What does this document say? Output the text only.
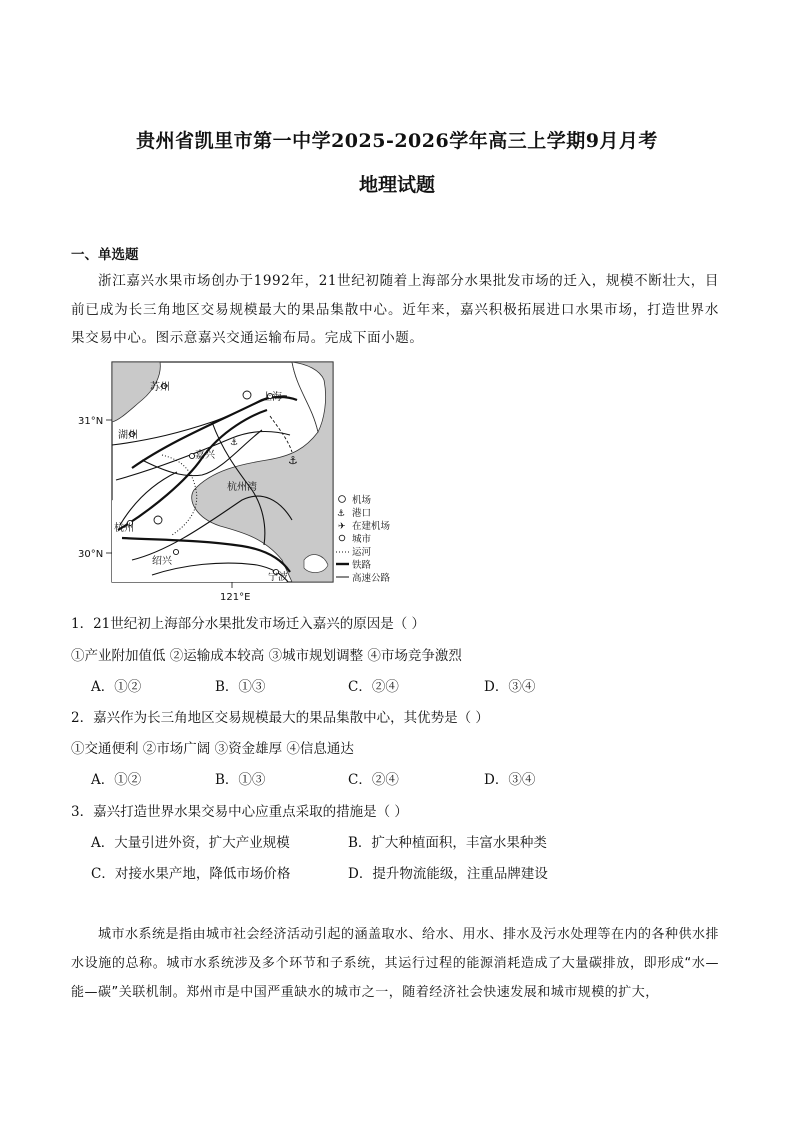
贵州省凯里市第一中学2025-2026学年高三上学期9月月考
地理试题
一、单选题
浙江嘉兴水果市场创办于1992年，21世纪初随着上海部分水果批发市场的迁入，规模不断壮大，目前已成为长三角地区交易规模最大的果品集散中心。近年来，嘉兴积极拓展进口水果市场，打造世界水果交易中心。图示意嘉兴交通运输布局。完成下面小题。
⚓
⚓
苏州
上海
湖州
嘉兴
杭州湾
杭州
绍兴
宁波
31°N
30°N
121°E
机场
⚓ 港口
✈ 在建机场
城市
运河
铁路
高速公路
1．21世纪初上海部分水果批发市场迁入嘉兴的原因是（ ）
①产业附加值低 ②运输成本较高 ③城市规划调整 ④市场竞争激烈
A．①②	B．①③	C．②④	D．③④
2．嘉兴作为长三角地区交易规模最大的果品集散中心，其优势是（ ）
①交通便利 ②市场广阔 ③资金雄厚 ④信息通达
A．①②	B．①③	C．②④	D．③④
3．嘉兴打造世界水果交易中心应重点采取的措施是（ ）
A．大量引进外资，扩大产业规模	B．扩大种植面积，丰富水果种类
C．对接水果产地，降低市场价格	D．提升物流能级，注重品牌建设
城市水系统是指由城市社会经济活动引起的涵盖取水、给水、用水、排水及污水处理等在内的各种供水排水设施的总称。城市水系统涉及多个环节和子系统，其运行过程的能源消耗造成了大量碳排放，即形成“水—能—碳”关联机制。郑州市是中国严重缺水的城市之一，随着经济社会快速发展和城市规模的扩大，
